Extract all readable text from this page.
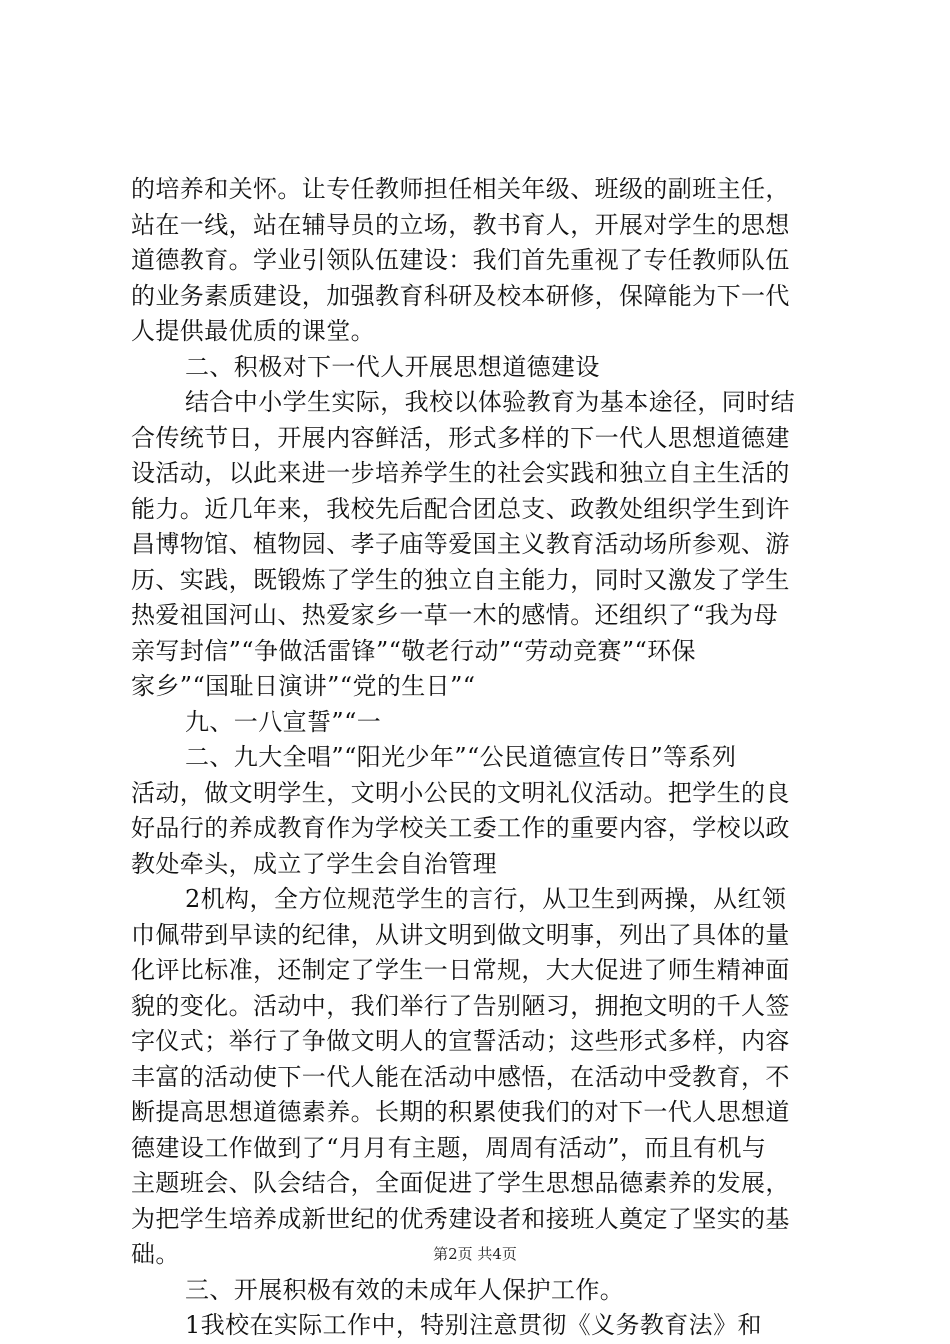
的培养和关怀。让专任教师担任相关年级、班级的副班主任，
站在一线，站在辅导员的立场，教书育人，开展对学生的思想
道德教育。学业引领队伍建设：我们首先重视了专任教师队伍
的业务素质建设，加强教育科研及校本研修，保障能为下一代
人提供最优质的课堂。
二、积极对下一代人开展思想道德建设
结合中小学生实际，我校以体验教育为基本途径，同时结
合传统节日，开展内容鲜活，形式多样的下一代人思想道德建
设活动，以此来进一步培养学生的社会实践和独立自主生活的
能力。近几年来，我校先后配合团总支、政教处组织学生到许
昌博物馆、植物园、孝子庙等爱国主义教育活动场所参观、游
历、实践，既锻炼了学生的独立自主能力，同时又激发了学生
热爱祖国河山、热爱家乡一草一木的感情。还组织了“我为母
亲写封信”“争做活雷锋”“敬老行动”“劳动竞赛”“环保
家乡”“国耻日演讲”“党的生日”“
九、一八宣誓”“一
二、九大全唱”“阳光少年”“公民道德宣传日”等系列
活动，做文明学生，文明小公民的文明礼仪活动。把学生的良
好品行的养成教育作为学校关工委工作的重要内容，学校以政
教处牵头，成立了学生会自治管理
2机构，全方位规范学生的言行，从卫生到两操，从红领
巾佩带到早读的纪律，从讲文明到做文明事，列出了具体的量
化评比标准，还制定了学生一日常规，大大促进了师生精神面
貌的变化。活动中，我们举行了告别陋习，拥抱文明的千人签
字仪式；举行了争做文明人的宣誓活动；这些形式多样，内容
丰富的活动使下一代人能在活动中感悟，在活动中受教育，不
断提高思想道德素养。长期的积累使我们的对下一代人思想道
德建设工作做到了“月月有主题，周周有活动”，而且有机与
主题班会、队会结合，全面促进了学生思想品德素养的发展，
为把学生培养成新世纪的优秀建设者和接班人奠定了坚实的基
础。
三、开展积极有效的未成年人保护工作。
1我校在实际工作中，特别注意贯彻《义务教育法》和
第2页 共4页
